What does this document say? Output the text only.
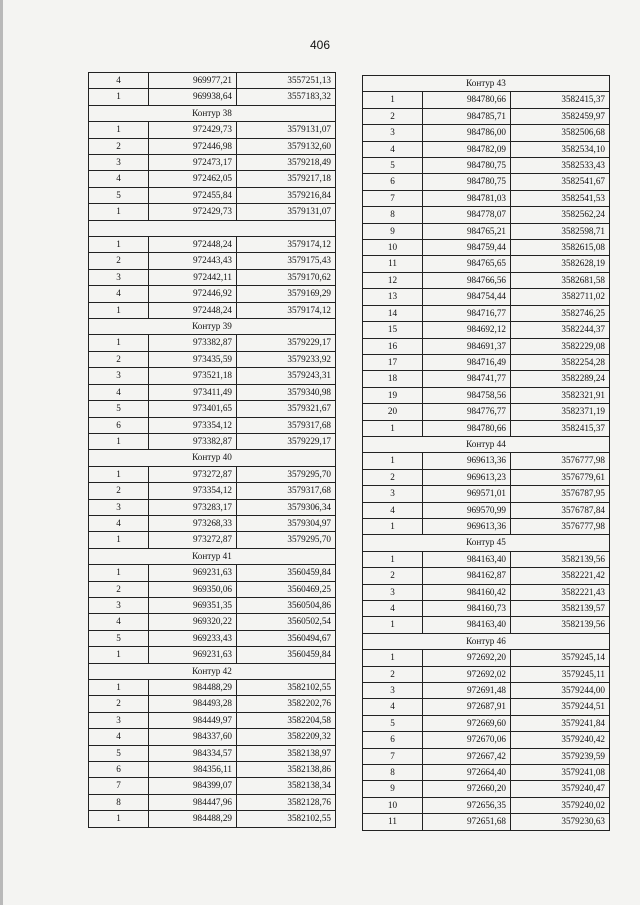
406
4	969977,21	3557251,13
1	969938,64	3557183,32
Контур 38		
1	972429,73	3579131,07
2	972446,98	3579132,60
3	972473,17	3579218,49
4	972462,05	3579217,18
5	972455,84	3579216,84
1	972429,73	3579131,07

1	972448,24	3579174,12
2	972443,43	3579175,43
3	972442,11	3579170,62
4	972446,92	3579169,29
1	972448,24	3579174,12
Контур 39		
1	973382,87	3579229,17
2	973435,59	3579233,92
3	973521,18	3579243,31
4	973411,49	3579340,98
5	973401,65	3579321,67
6	973354,12	3579317,68
1	973382,87	3579229,17
Контур 40		
1	973272,87	3579295,70
2	973354,12	3579317,68
3	973283,17	3579306,34
4	973268,33	3579304,97
1	973272,87	3579295,70
Контур 41		
1	969231,63	3560459,84
2	969350,06	3560469,25
3	969351,35	3560504,86
4	969320,22	3560502,54
5	969233,43	3560494,67
1	969231,63	3560459,84
Контур 42		
1	984488,29	3582102,55
2	984493,28	3582202,76
3	984449,97	3582204,58
4	984337,60	3582209,32
5	984334,57	3582138,97
6	984356,11	3582138,86
7	984399,07	3582138,34
8	984447,96	3582128,76
1	984488,29	3582102,55
Контур 43		
1	984780,66	3582415,37
2	984785,71	3582459,97
3	984786,00	3582506,68
4	984782,09	3582534,10
5	984780,75	3582533,43
6	984780,75	3582541,67
7	984781,03	3582541,53
8	984778,07	3582562,24
9	984765,21	3582598,71
10	984759,44	3582615,08
11	984765,65	3582628,19
12	984766,56	3582681,58
13	984754,44	3582711,02
14	984716,77	3582746,25
15	984692,12	3582244,37
16	984691,37	3582229,08
17	984716,49	3582254,28
18	984741,77	3582289,24
19	984758,56	3582321,91
20	984776,77	3582371,19
1	984780,66	3582415,37
Контур 44		
1	969613,36	3576777,98
2	969613,23	3576779,61
3	969571,01	3576787,95
4	969570,99	3576787,84
1	969613,36	3576777,98
Контур 45		
1	984163,40	3582139,56
2	984162,87	3582221,42
3	984160,42	3582221,43
4	984160,73	3582139,57
1	984163,40	3582139,56
Контур 46		
1	972692,20	3579245,14
2	972692,02	3579245,11
3	972691,48	3579244,00
4	972687,91	3579244,51
5	972669,60	3579241,84
6	972670,06	3579240,42
7	972667,42	3579239,59
8	972664,40	3579241,08
9	972660,20	3579240,47
10	972656,35	3579240,02
11	972651,68	3579230,63
